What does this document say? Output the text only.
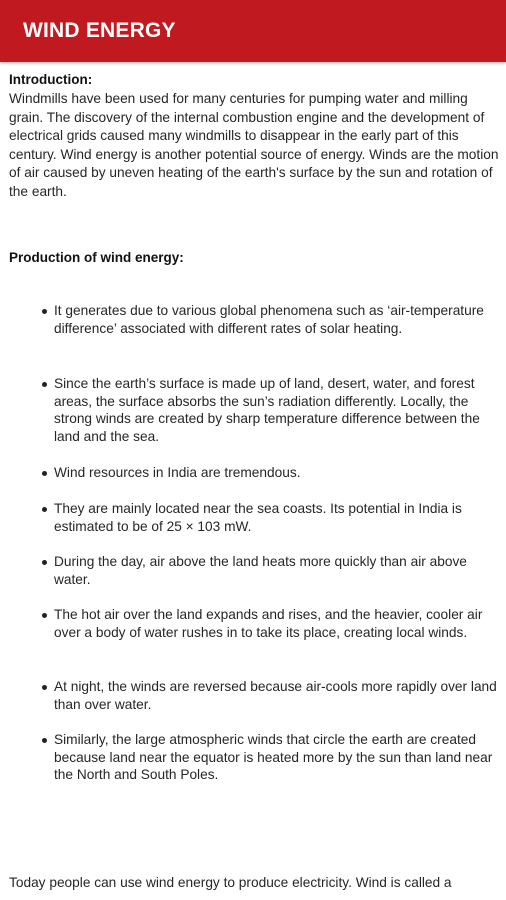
WIND ENERGY
Introduction:

Windmills have been used for many centuries for pumping water and milling grain. The discovery of the internal combustion engine and the development of electrical grids caused many windmills to disappear in the early part of this century. Wind energy is another potential source of energy. Winds are the motion of air caused by uneven heating of the earth's surface by the sun and rotation of the earth.

Production of wind energy:
It generates due to various global phenomena such as ‘air-temperature difference’ associated with different rates of solar heating.
Since the earth’s surface is made up of land, desert, water, and forest areas, the surface absorbs the sun’s radiation differently. Locally, the strong winds are created by sharp temperature difference between the land and the sea.
Wind resources in India are tremendous.
They are mainly located near the sea coasts. Its potential in India is estimated to be of 25 × 103 mW.
During the day, air above the land heats more quickly than air above water.
The hot air over the land expands and rises, and the heavier, cooler air over a body of water rushes in to take its place, creating local winds.
At night, the winds are reversed because air-cools more rapidly over land than over water.
Similarly, the large atmospheric winds that circle the earth are created because land near the equator is heated more by the sun than land near the North and South Poles.

Today people can use wind energy to produce electricity. Wind is called a
